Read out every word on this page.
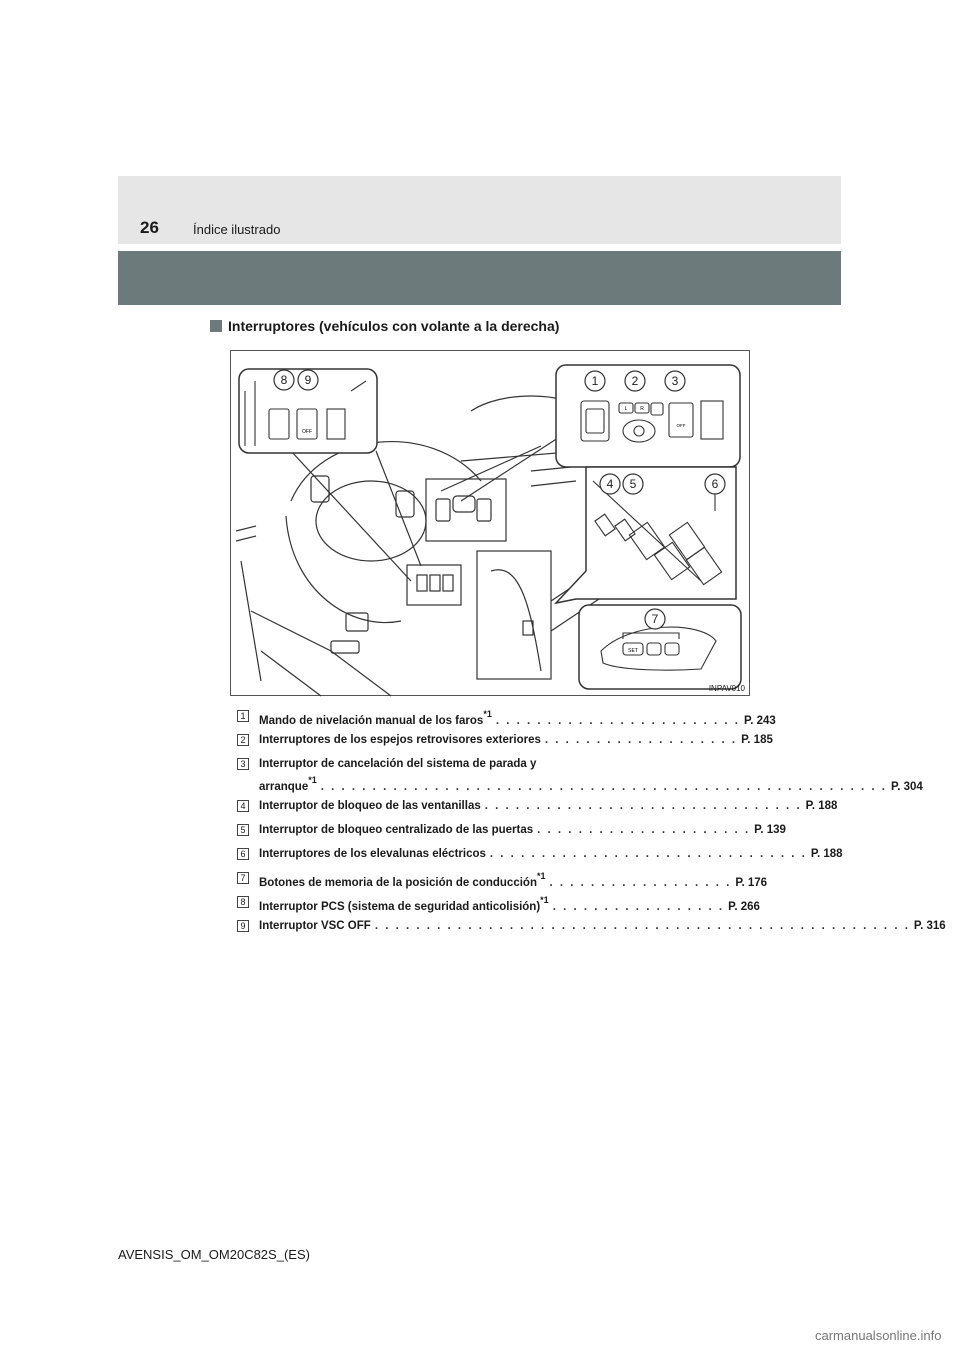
26	Índice ilustrado
Interruptores (vehículos con volante a la derecha)
OFF
L	R
OFF
SET
8 9	1	2	3
4 5	6
7
INPAV010
1	Mando de nivelación manual de los faros$^{*1}$
. . . . . . . . . . . . . . . . . . . . . . . . P. 243
2	Interruptores de los espejos retrovisores exteriores . . . . . . . . . . . . . . . . . . . P. 185
3	Interruptor de cancelación del sistema de parada y
arranque$^{*1}$
. . . . . . . . . . . . . . . . . . . . . . . . . . . . . . . . . . . . . . . . . . . . . . . . . . . . . . . P. 304
4	Interruptor de bloqueo de las ventanillas . . . . . . . . . . . . . . . . . . . . . . . . . . . . . . . P. 188
5	Interruptor de bloqueo centralizado de las puertas . . . . . . . . . . . . . . . . . . . . . P. 139
6	Interruptores de los elevalunas eléctricos . . . . . . . . . . . . . . . . . . . . . . . . . . . . . . . P. 188
7	Botones de memoria de la posición de conducción$^{*1}$
. . . . . . . . . . . . . . . . . . P. 176
8	Interruptor PCS (sistema de seguridad anticolisión)$^{*1}$
. . . . . . . . . . . . . . . . . P. 266
9	Interruptor VSC OFF . . . . . . . . . . . . . . . . . . . . . . . . . . . . . . . . . . . . . . . . . . . . . . . . . . . . P. 316
AVENSIS_OM_OM20C82S_(ES)
carmanualsonline.info
